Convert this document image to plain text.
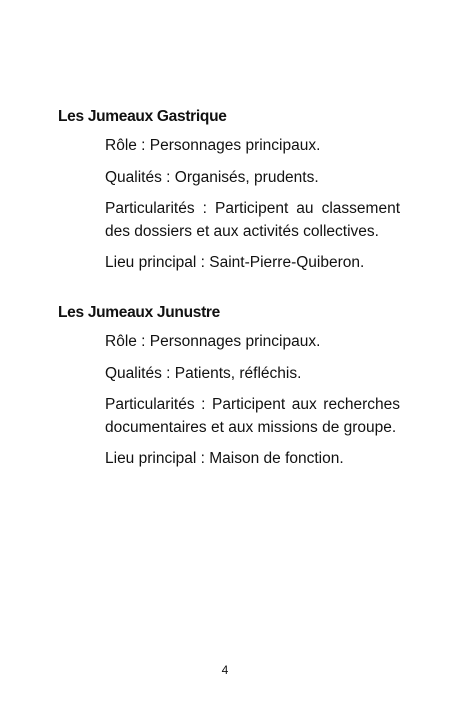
Les Jumeaux Gastrique

Rôle : Personnages principaux.

Qualités : Organisés, prudents.

Particularités : Participent au classement des dossiers et aux activités collectives.

Lieu principal : Saint-Pierre-Quiberon.

Les Jumeaux Junustre

Rôle : Personnages principaux.

Qualités : Patients, réfléchis.

Particularités : Participent aux recherches documentaires et aux missions de groupe.

Lieu principal : Maison de fonction.

4
